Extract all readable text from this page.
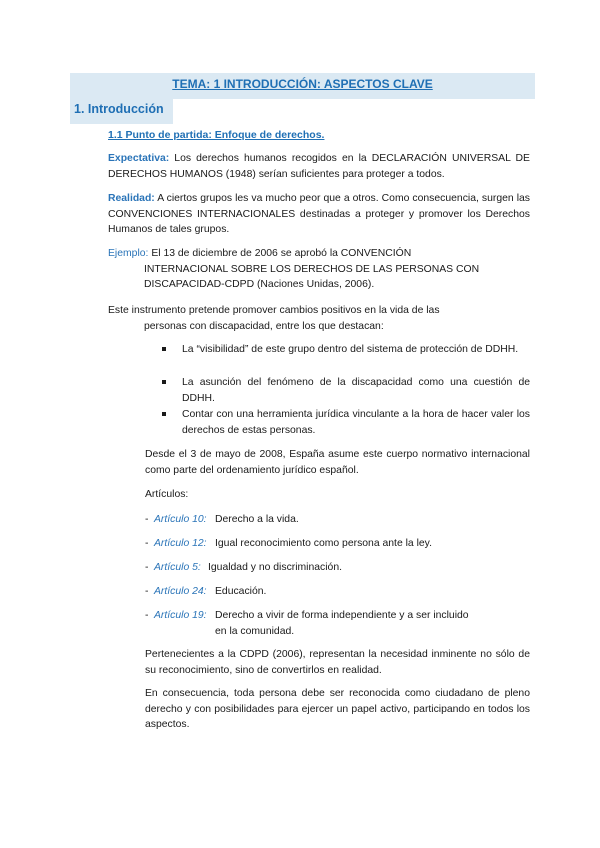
TEMA: 1 INTRODUCCIÓN: ASPECTOS CLAVE
1. Introducción
1.1 Punto de partida: Enfoque de derechos.
Expectativa: Los derechos humanos recogidos en la DECLARACIÓN UNIVERSAL DE DERECHOS HUMANOS (1948) serían suficientes para proteger a todos.
Realidad: A ciertos grupos les va mucho peor que a otros. Como consecuencia, surgen las CONVENCIONES INTERNACIONALES destinadas a proteger y promover los Derechos Humanos de tales grupos.
Ejemplo: El 13 de diciembre de 2006 se aprobó la CONVENCIÓN
INTERNACIONAL SOBRE LOS DERECHOS DE LAS PERSONAS CON
DISCAPACIDAD-CDPD (Naciones Unidas, 2006).
Este instrumento pretende promover cambios positivos en la vida de las
personas con discapacidad, entre los que destacan:
La “visibilidad” de este grupo dentro del sistema de protección de DDHH.
La asunción del fenómeno de la discapacidad como una cuestión de DDHH.
Contar con una herramienta jurídica vinculante a la hora de hacer valer los derechos de estas personas.
Desde el 3 de mayo de 2008, España asume este cuerpo normativo internacional como parte del ordenamiento jurídico español.
Artículos:
- Artículo 10: Derecho a la vida.
- Artículo 12: Igual reconocimiento como persona ante la ley.
- Artículo 5: Igualdad y no discriminación.
- Artículo 24: Educación.
- Artículo 19: Derecho a vivir de forma independiente y a ser incluido
en la comunidad.
Pertenecientes a la CDPD (2006), representan la necesidad inminente no sólo de su reconocimiento, sino de convertirlos en realidad.
En consecuencia, toda persona debe ser reconocida como ciudadano de pleno derecho y con posibilidades para ejercer un papel activo, participando en todos los aspectos.
